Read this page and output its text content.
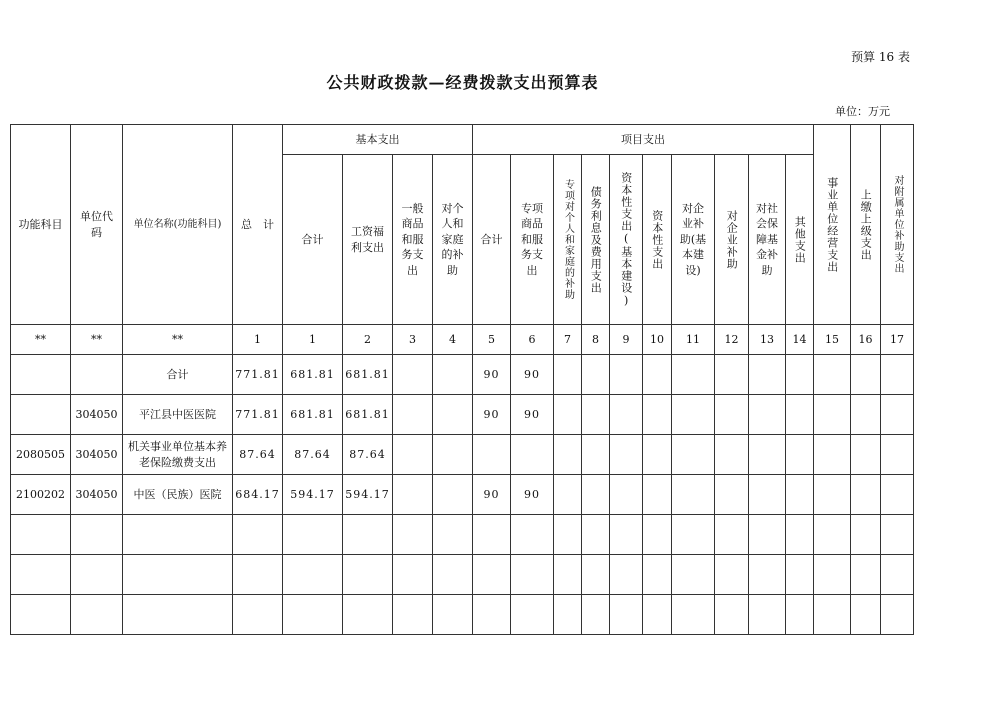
预算 16 表
公共财政拨款—经费拨款支出预算表
单位：万元
功能科目	单位代码	单位名称(功能科目)	总　计	基本支出				项目支出										事业单位经营支出	上缴上级支出	对附属单位补助支出
				合计	工资福利支出	一般商品和服务支出	对个人和家庭的补助	合计	专项商品和服务支出	专项对个人和家庭的补助	债务利息及费用支出	资本性支出(基本建设)	资本性支出	对企业补助(基本建设)	对企业补助	对社会保障基金补助	其他支出			
**	**	**	1	1	2	3	4	5	6	7	8	9	10	11	12	13	14	15	16	17
		合计	771.81	681.81	681.81			90	90											
	304050	平江县中医医院	771.81	681.81	681.81			90	90											
2080505	304050	机关事业单位基本养老保险缴费支出	87.64	87.64	87.64															
2100202	304050	中医（民族）医院	684.17	594.17	594.17			90	90											
